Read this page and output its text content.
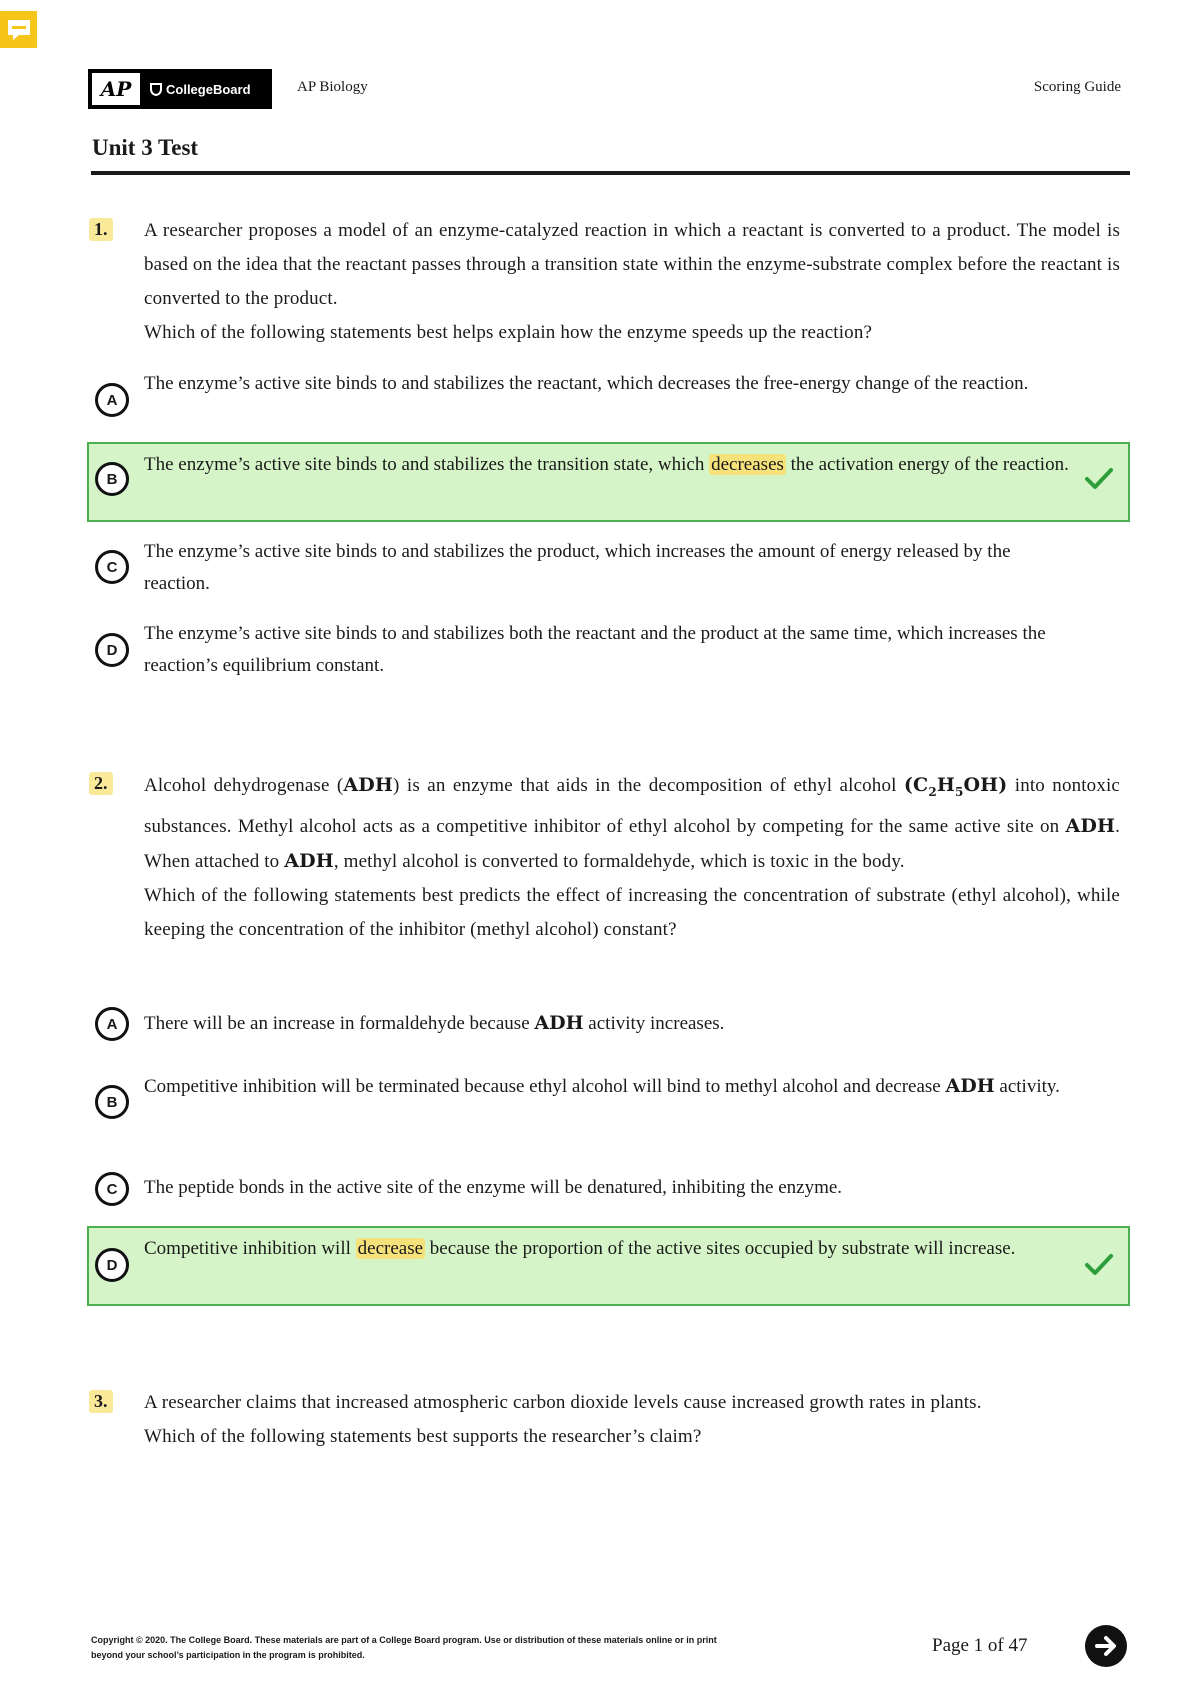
AP	CollegeBoard	AP Biology	Scoring Guide
Unit 3 Test
1. A researcher proposes a model of an enzyme-catalyzed reaction in which a reactant is converted to a product. The model is based on the idea that the reactant passes through a transition state within the enzyme-substrate complex before the reactant is converted to the product.

Which of the following statements best helps explain how the enzyme speeds up the reaction?

A
The enzyme’s active site binds to and stabilizes the reactant, which decreases the free-energy change of the reaction.
B
The enzyme’s active site binds to and stabilizes the transition state, which decreases the activation energy of the reaction.
C
The enzyme’s active site binds to and stabilizes the product, which increases the amount of energy released by the reaction.
D
The enzyme’s active site binds to and stabilizes both the reactant and the product at the same time, which increases the reaction’s equilibrium constant.
2. Alcohol dehydrogenase (ADH) is an enzyme that aids in the decomposition of ethyl alcohol $(C_2H_5OH)$ into nontoxic substances. Methyl alcohol acts as a competitive inhibitor of ethyl alcohol by competing for the same active site on ADH. When attached to ADH, methyl alcohol is converted to formaldehyde, which is toxic in the body.

Which of the following statements best predicts the effect of increasing the concentration of substrate (ethyl alcohol), while keeping the concentration of the inhibitor (methyl alcohol) constant?

A	There will be an increase in formaldehyde because ADH activity increases.
B
Competitive inhibition will be terminated because ethyl alcohol will bind to methyl alcohol and decrease ADH activity.
C	The peptide bonds in the active site of the enzyme will be denatured, inhibiting the enzyme.
D
Competitive inhibition will decrease because the proportion of the active sites occupied by substrate will increase.
3. A researcher claims that increased atmospheric carbon dioxide levels cause increased growth rates in plants.

Which of the following statements best supports the researcher’s claim?

Copyright © 2020. The College Board. These materials are part of a College Board program. Use or distribution of these materials online or in print beyond your school’s participation in the program is prohibited.	Page 1 of 47
